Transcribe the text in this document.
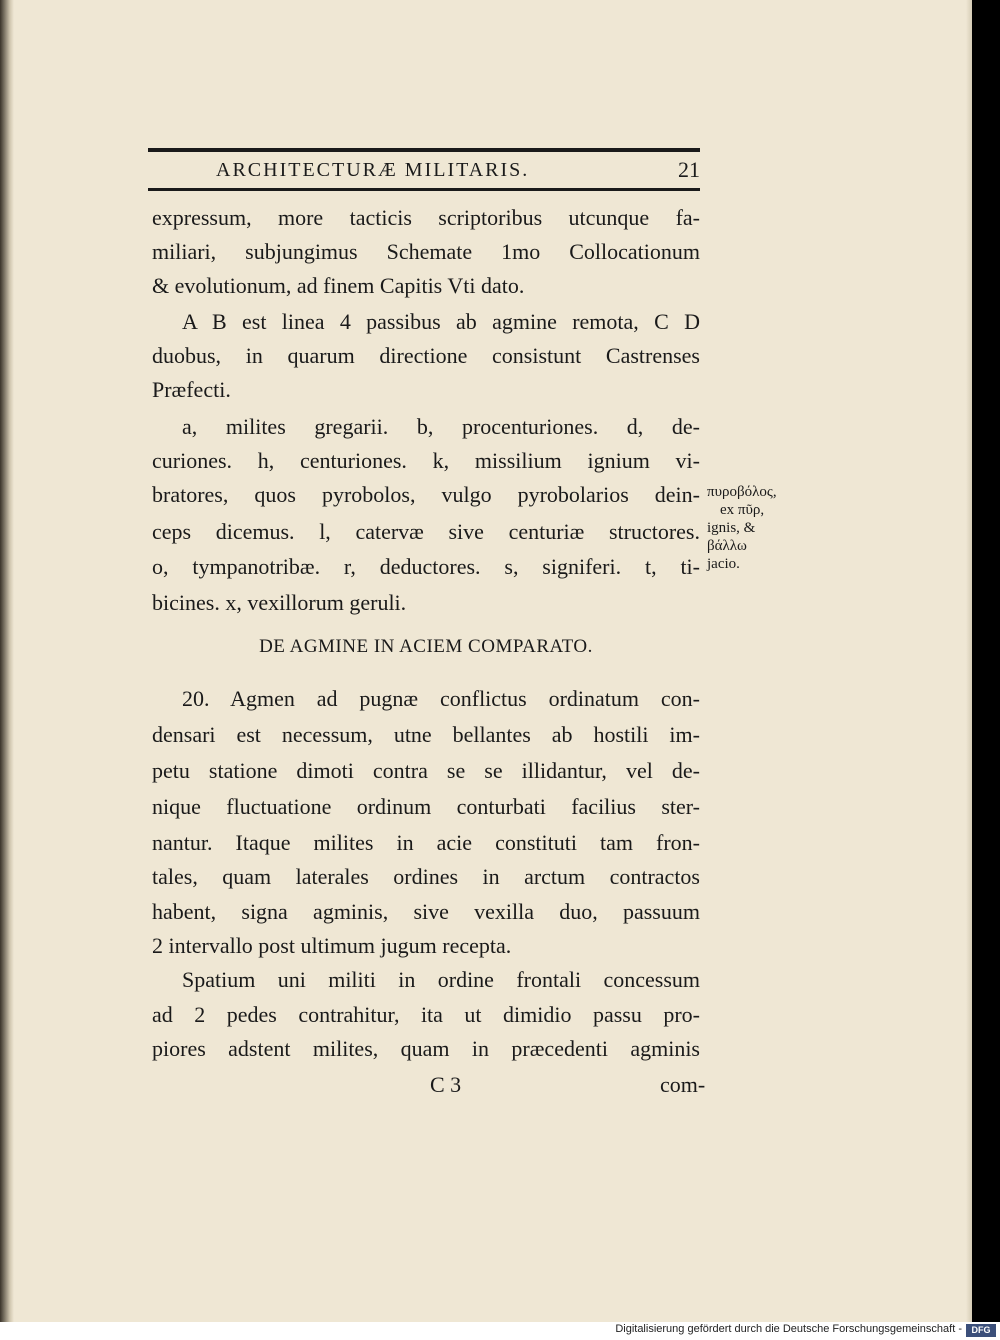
ARCHITECTURÆ MILITARIS.	21
expressum, more tacticis scriptoribus utcunque fa-
miliari, subjungimus Schemate 1mo Collocationum
& evolutionum, ad finem Capitis Vti dato.
A B est linea 4 passibus ab agmine remota, C D
duobus, in quarum directione consistunt Castrenses
Præfecti.
a, milites gregarii. b, procenturiones. d, de-
curiones. h, centuriones. k, missilium ignium vi-
bratores, quos pyrobolos, vulgo pyrobolarios dein-
ceps dicemus. l, catervæ sive centuriæ structores.
o, tympanotribæ. r, deductores. s, signiferi. t, ti-
bicines. x, vexillorum geruli.
πυροβόλος,
ex πῦρ,
ignis, &
βάλλω
jacio.
DE AGMINE IN ACIEM COMPARATO.
20. Agmen ad pugnæ conflictus ordinatum con-
densari est necessum, utne bellantes ab hostili im-
petu statione dimoti contra se se illidantur, vel de-
nique fluctuatione ordinum conturbati facilius ster-
nantur. Itaque milites in acie constituti tam fron-
tales, quam laterales ordines in arctum contractos
habent, signa agminis, sive vexilla duo, passuum
2 intervallo post ultimum jugum recepta.
Spatium uni militi in ordine frontali concessum
ad 2 pedes contrahitur, ita ut dimidio passu pro-
piores adstent milites, quam in præcedenti agminis
C 3	com-
Digitalisierung gefördert durch die Deutsche Forschungsgemeinschaft -	DFG
